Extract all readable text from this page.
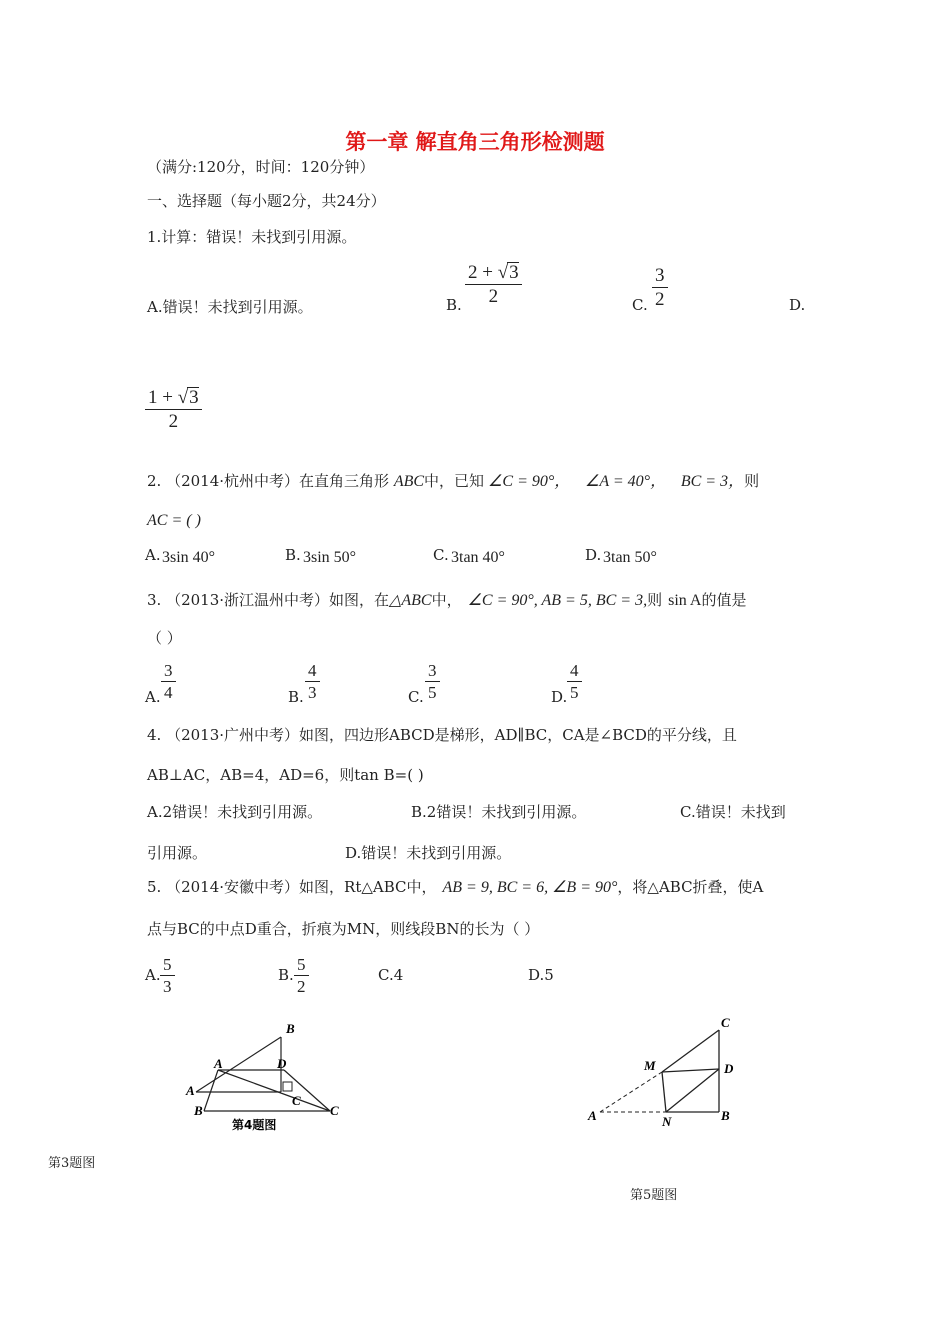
第一章 解直角三角形检测题
（满分:120分，时间：120分钟）
一、选择题（每小题2分，共24分）
1.计算：错误！未找到引用源。
A.错误！未找到引用源。	B.
2 + √3
2	C.
3
2	D.
1 + √3
2
2. （2014·杭州中考）在直角三角形 ABC中，已知 ∠C = 90°， ∠A = 40°， BC = 3，则
AC = ( )
A. 3sin 40°	B. 3sin 50°	C. 3tan 40°	D. 3tan 50°
3. （2013·浙江温州中考）如图，在△ABC中， ∠C = 90°, AB = 5, BC = 3,则 sin A的值是
（ ）
A.
3
4	B.
4
3	C.
3
5	D.
4
5
4. （2013·广州中考）如图，四边形ABCD是梯形，AD∥BC，CA是∠BCD的平分线，且
AB⊥AC，AB=4，AD=6，则tan B=( )
A.2错误！未找到引用源。	B.2错误！未找到引用源。	C.错误！未找到
引用源。	D.错误！未找到引用源。
5. （2014·安徽中考）如图，Rt△ABC中， AB = 9, BC = 6, ∠B = 90°，将△ABC折叠，使A
点与BC的中点D重合，折痕为MN，则线段BN的长为（ ）
A.
5
3
B.
5
2
C.4	D.5
B
A
C
A	D
B	C
第4题图
第3题图
C
M	D
A	N	B
第5题图
